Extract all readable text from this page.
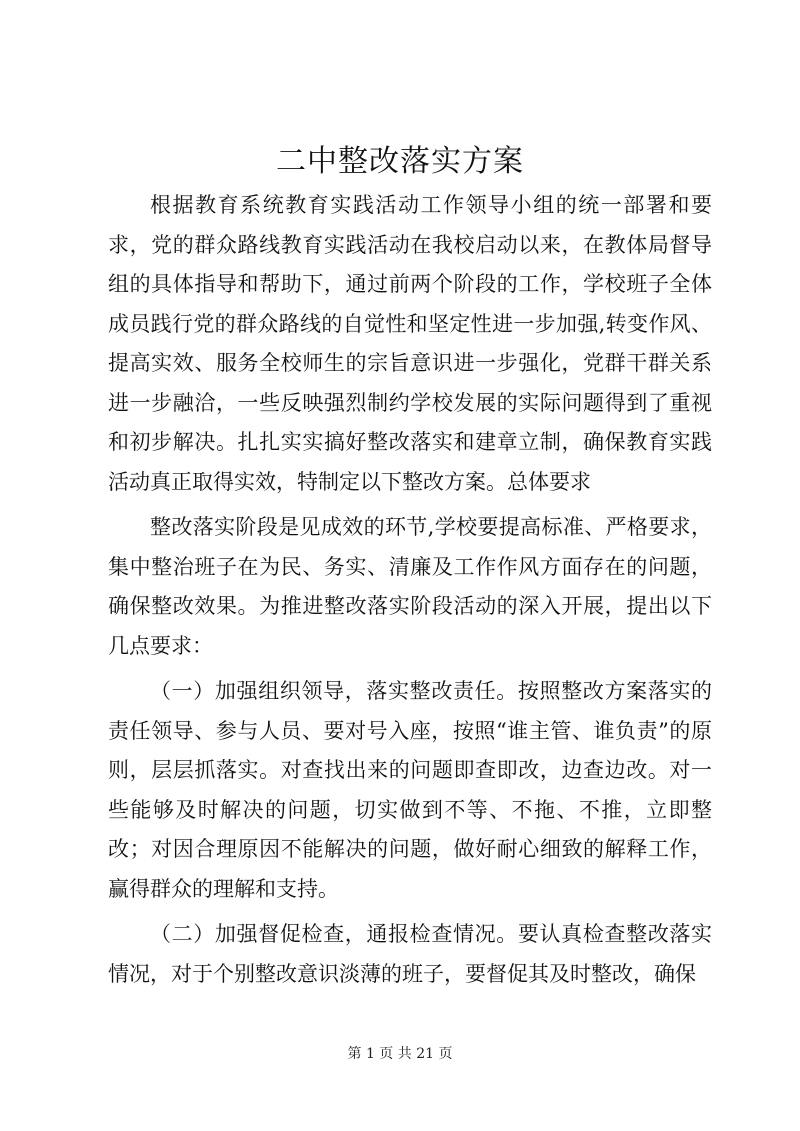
二中整改落实方案

根据教育系统教育实践活动工作领导小组的统一部署和要求，党的群众路线教育实践活动在我校启动以来，在教体局督导组的具体指导和帮助下，通过前两个阶段的工作，学校班子全体成员践行党的群众路线的自觉性和坚定性进一步加强,转变作风、提高实效、服务全校师生的宗旨意识进一步强化，党群干群关系进一步融洽，一些反映强烈制约学校发展的实际问题得到了重视和初步解决。扎扎实实搞好整改落实和建章立制，确保教育实践活动真正取得实效，特制定以下整改方案。总体要求

整改落实阶段是见成效的环节,学校要提高标准、严格要求，集中整治班子在为民、务实、清廉及工作作风方面存在的问题，确保整改效果。为推进整改落实阶段活动的深入开展，提出以下几点要求：

（一）加强组织领导，落实整改责任。按照整改方案落实的责任领导、参与人员、要对号入座，按照“谁主管、谁负责”的原则，层层抓落实。对查找出来的问题即查即改，边查边改。对一些能够及时解决的问题，切实做到不等、不拖、不推，立即整改；对因合理原因不能解决的问题，做好耐心细致的解释工作，赢得群众的理解和支持。

（二）加强督促检查，通报检查情况。要认真检查整改落实情况，对于个别整改意识淡薄的班子，要督促其及时整改，确保

第 1 页 共 21 页
